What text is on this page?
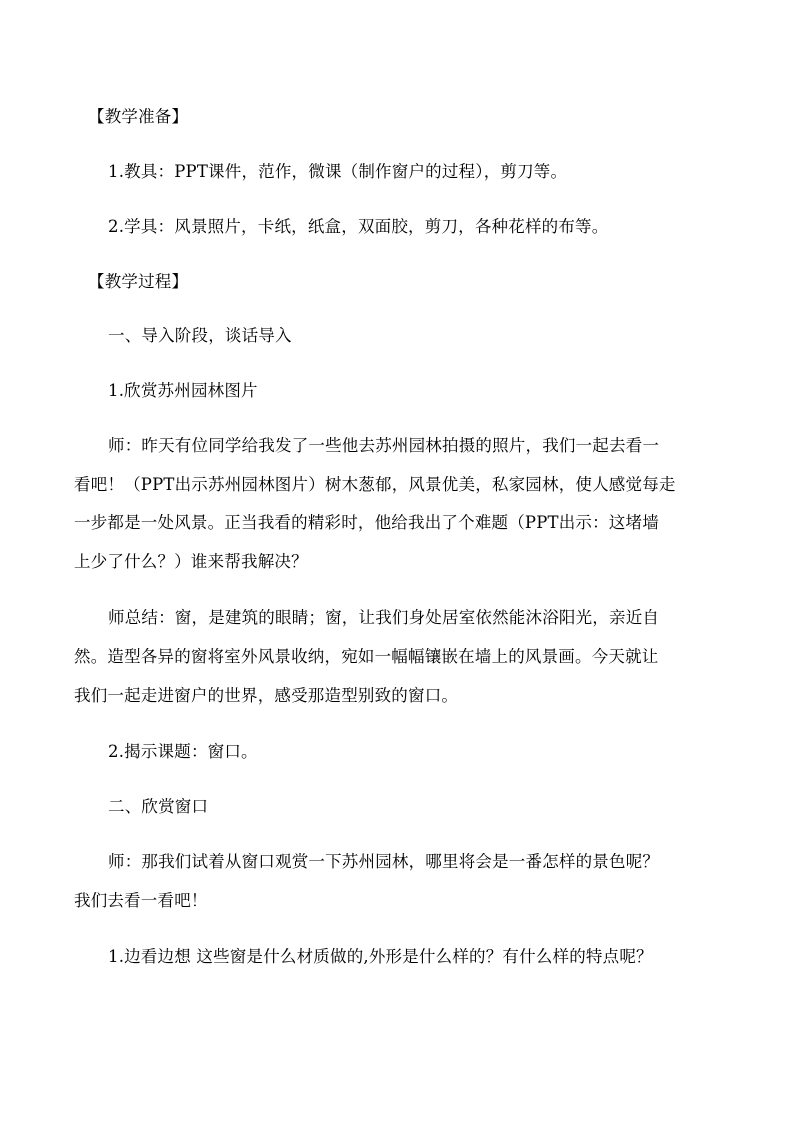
【教学准备】
1.教具：PPT课件，范作，微课（制作窗户的过程），剪刀等。
2.学具：风景照片，卡纸，纸盒，双面胶，剪刀，各种花样的布等。
【教学过程】
一、导入阶段，谈话导入
1.欣赏苏州园林图片
师：昨天有位同学给我发了一些他去苏州园林拍摄的照片，我们一起去看一
看吧！（PPT出示苏州园林图片）树木葱郁，风景优美，私家园林，使人感觉每走
一步都是一处风景。正当我看的精彩时，他给我出了个难题（PPT出示：这堵墙
上少了什么？）谁来帮我解决？
师总结：窗，是建筑的眼睛；窗，让我们身处居室依然能沐浴阳光，亲近自
然。造型各异的窗将室外风景收纳，宛如一幅幅镶嵌在墙上的风景画。今天就让
我们一起走进窗户的世界，感受那造型别致的窗口。
2.揭示课题：窗口。
二、欣赏窗口
师：那我们试着从窗口观赏一下苏州园林，哪里将会是一番怎样的景色呢？
我们去看一看吧！
1.边看边想 这些窗是什么材质做的,外形是什么样的？有什么样的特点呢？
